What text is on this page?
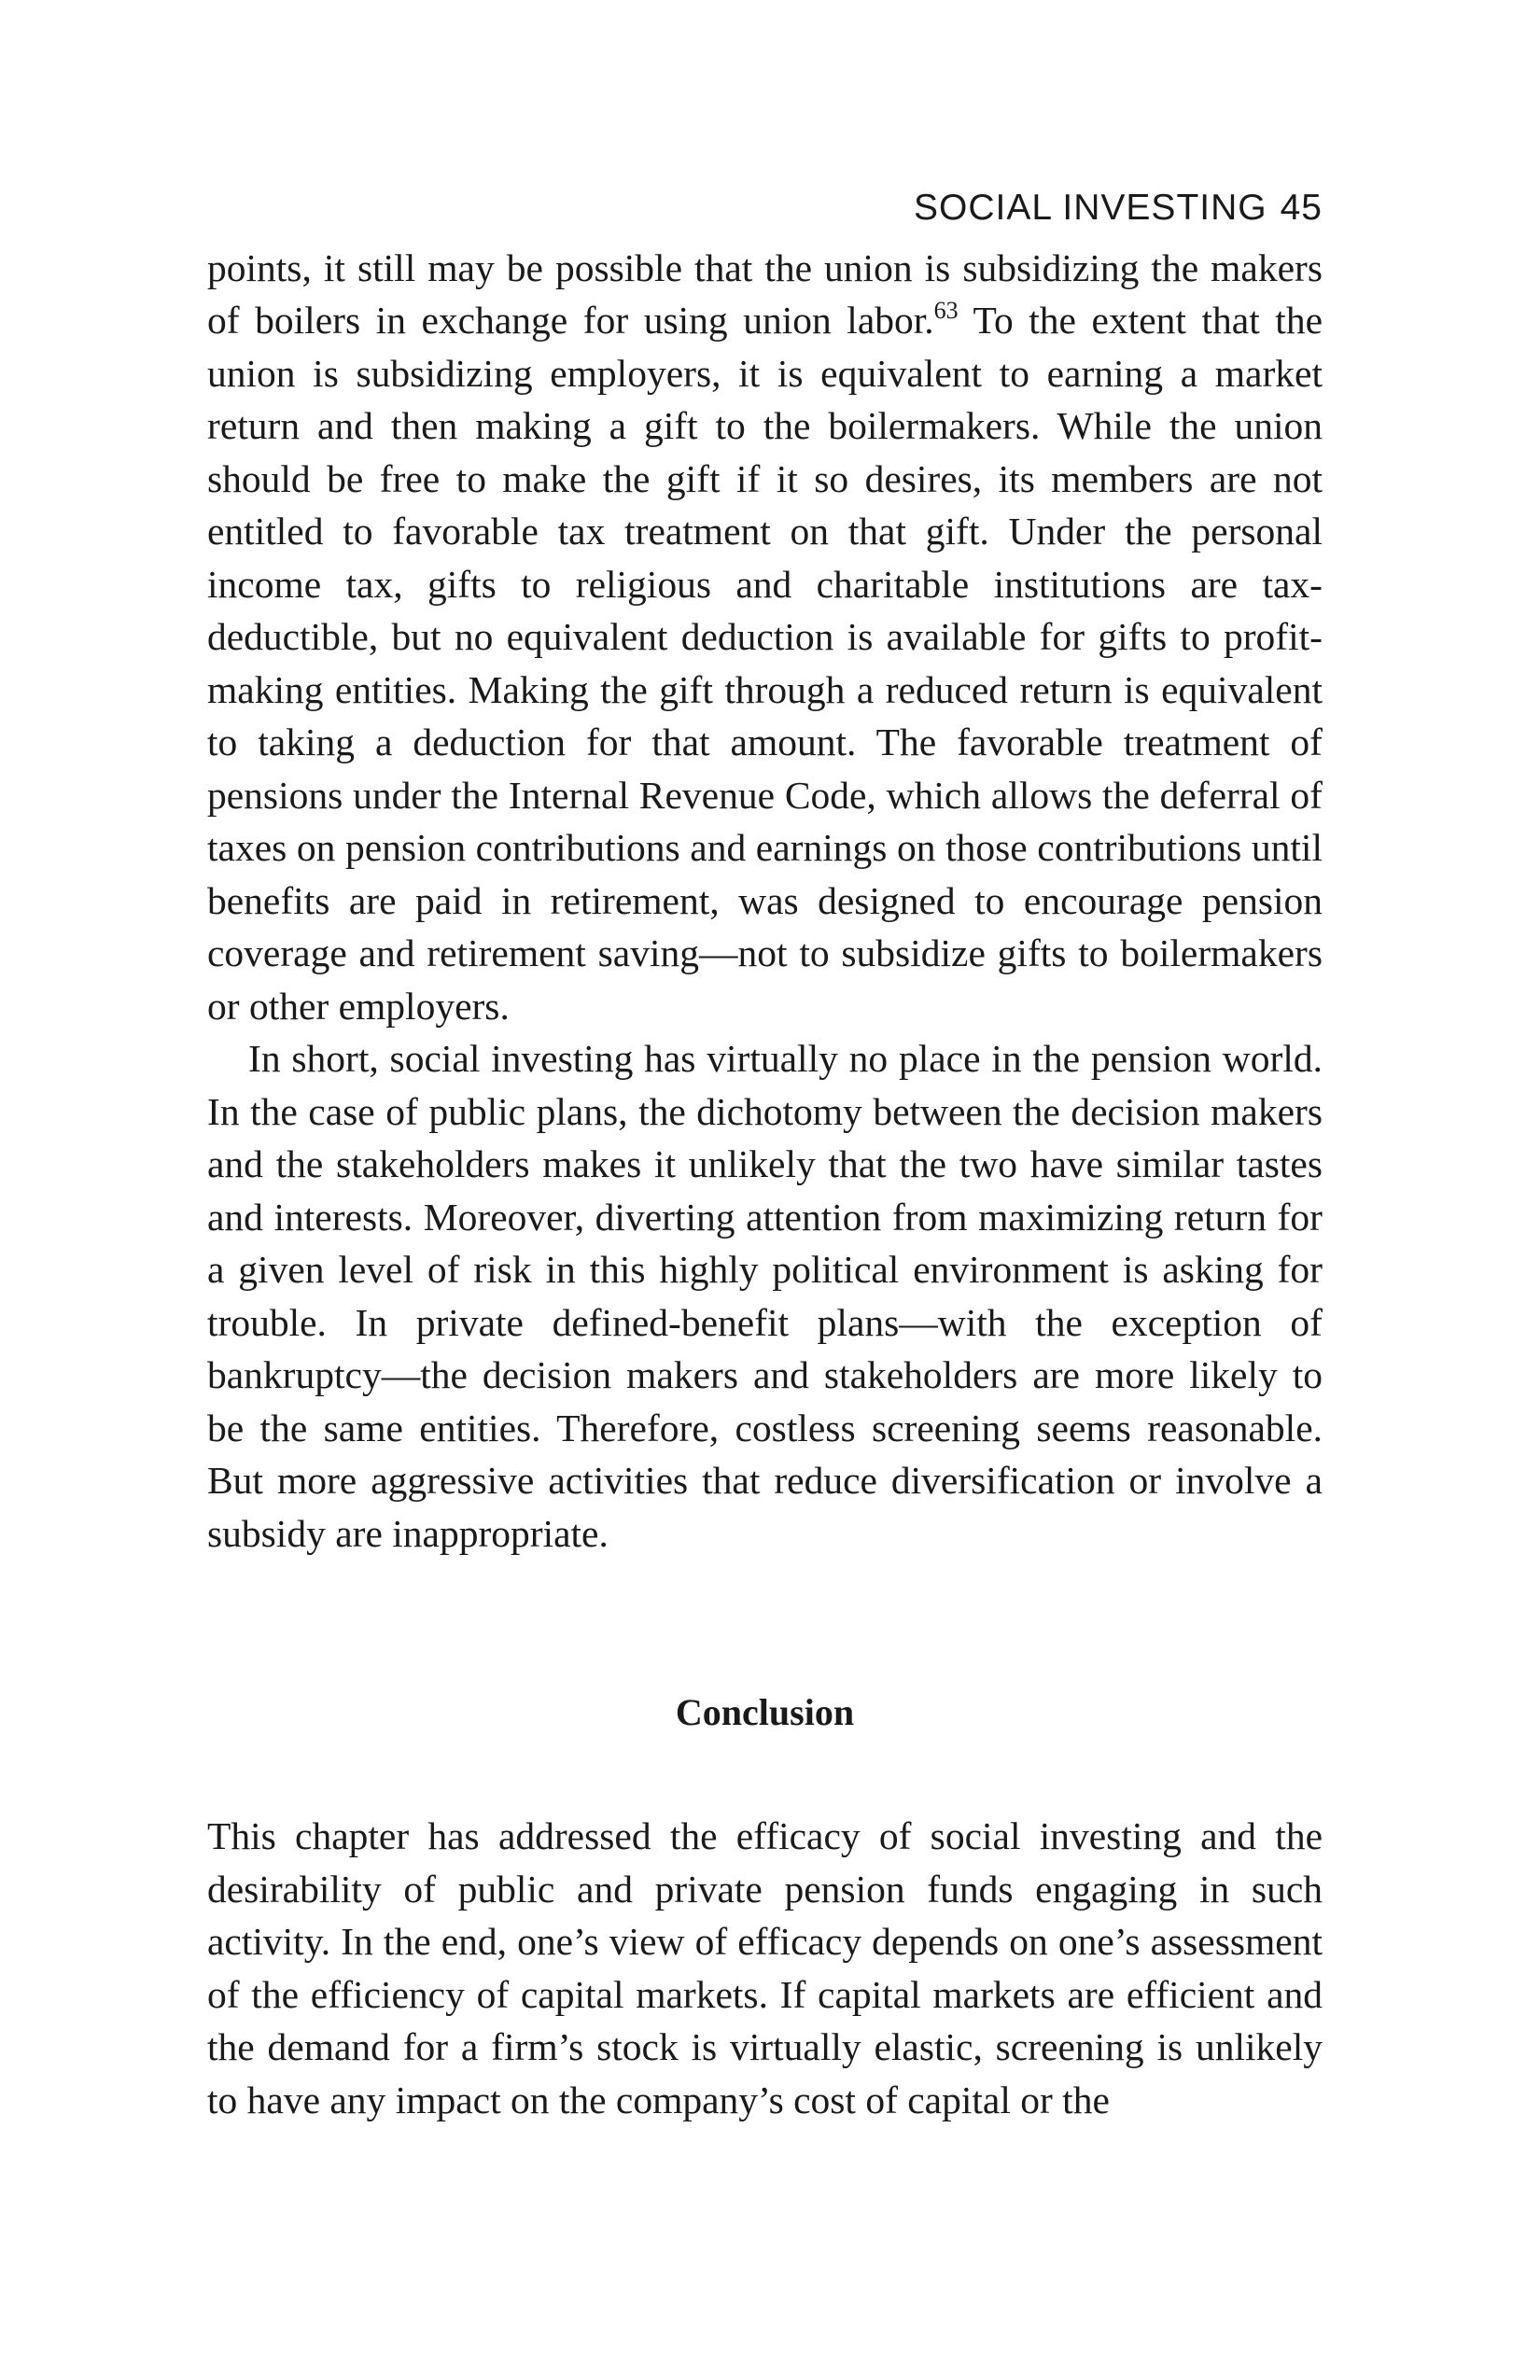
SOCIAL INVESTING 45

points, it still may be possible that the union is subsidizing the makers of boilers in exchange for using union labor.$^{63}$ To the extent that the union is subsidizing employers, it is equivalent to earning a market return and then making a gift to the boilermakers. While the union should be free to make the gift if it so desires, its members are not entitled to favorable tax treatment on that gift. Under the personal income tax, gifts to religious and charitable institutions are tax-deductible, but no equivalent deduction is available for gifts to profit-making entities. Making the gift through a reduced return is equivalent to taking a deduction for that amount. The favorable treatment of pensions under the Internal Revenue Code, which allows the deferral of taxes on pension contributions and earnings on those contributions until benefits are paid in retirement, was designed to encourage pension coverage and retirement saving—not to subsidize gifts to boilermakers or other employers.

In short, social investing has virtually no place in the pension world. In the case of public plans, the dichotomy between the decision makers and the stakeholders makes it unlikely that the two have similar tastes and interests. Moreover, diverting attention from maximizing return for a given level of risk in this highly political environment is asking for trouble. In private defined-benefit plans—with the exception of bankruptcy—the decision makers and stakeholders are more likely to be the same entities. Therefore, costless screening seems reasonable. But more aggressive activities that reduce diversification or involve a subsidy are inappropriate.

Conclusion

This chapter has addressed the efficacy of social investing and the desirability of public and private pension funds engaging in such activity. In the end, one’s view of efficacy depends on one’s assessment of the efficiency of capital markets. If capital markets are efficient and the demand for a firm’s stock is virtually elastic, screening is unlikely to have any impact on the company’s cost of capital or the
